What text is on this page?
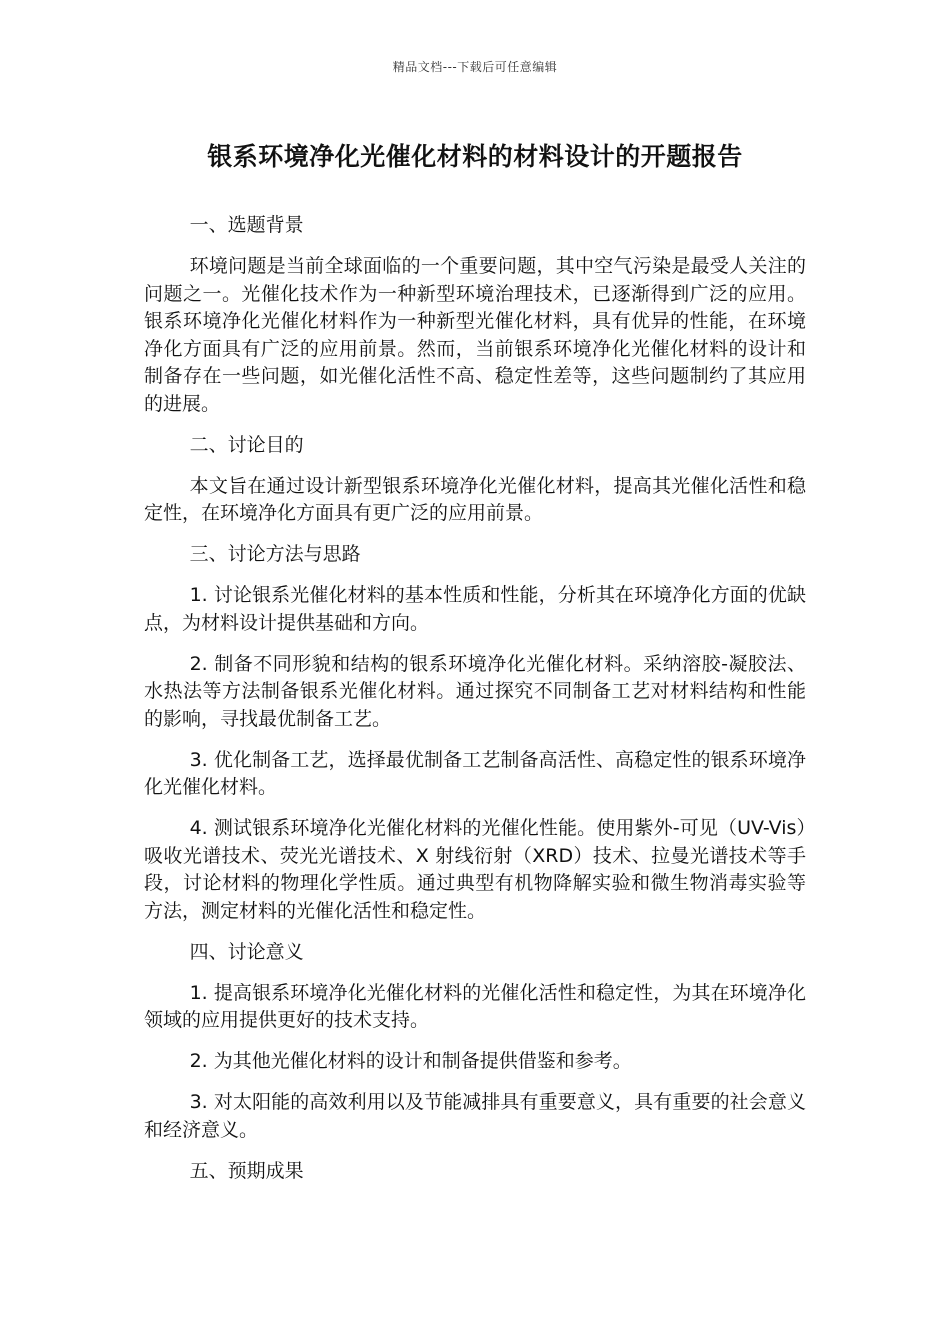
精品文档---下载后可任意编辑
银系环境净化光催化材料的材料设计的开题报告

一、选题背景

环境问题是当前全球面临的一个重要问题，其中空气污染是最受人关注的问题之一。光催化技术作为一种新型环境治理技术，已逐渐得到广泛的应用。银系环境净化光催化材料作为一种新型光催化材料，具有优异的性能，在环境净化方面具有广泛的应用前景。然而，当前银系环境净化光催化材料的设计和制备存在一些问题，如光催化活性不高、稳定性差等，这些问题制约了其应用的进展。

二、讨论目的

本文旨在通过设计新型银系环境净化光催化材料，提高其光催化活性和稳定性，在环境净化方面具有更广泛的应用前景。

三、讨论方法与思路

1. 讨论银系光催化材料的基本性质和性能，分析其在环境净化方面的优缺点，为材料设计提供基础和方向。

2. 制备不同形貌和结构的银系环境净化光催化材料。采纳溶胶-凝胶法、水热法等方法制备银系光催化材料。通过探究不同制备工艺对材料结构和性能的影响，寻找最优制备工艺。

3. 优化制备工艺，选择最优制备工艺制备高活性、高稳定性的银系环境净化光催化材料。

4. 测试银系环境净化光催化材料的光催化性能。使用紫外-可见（UV-Vis）吸收光谱技术、荧光光谱技术、X 射线衍射（XRD）技术、拉曼光谱技术等手段，讨论材料的物理化学性质。通过典型有机物降解实验和微生物消毒实验等方法，测定材料的光催化活性和稳定性。

四、讨论意义

1. 提高银系环境净化光催化材料的光催化活性和稳定性，为其在环境净化领域的应用提供更好的技术支持。

2. 为其他光催化材料的设计和制备提供借鉴和参考。

3. 对太阳能的高效利用以及节能减排具有重要意义，具有重要的社会意义和经济意义。

五、预期成果
